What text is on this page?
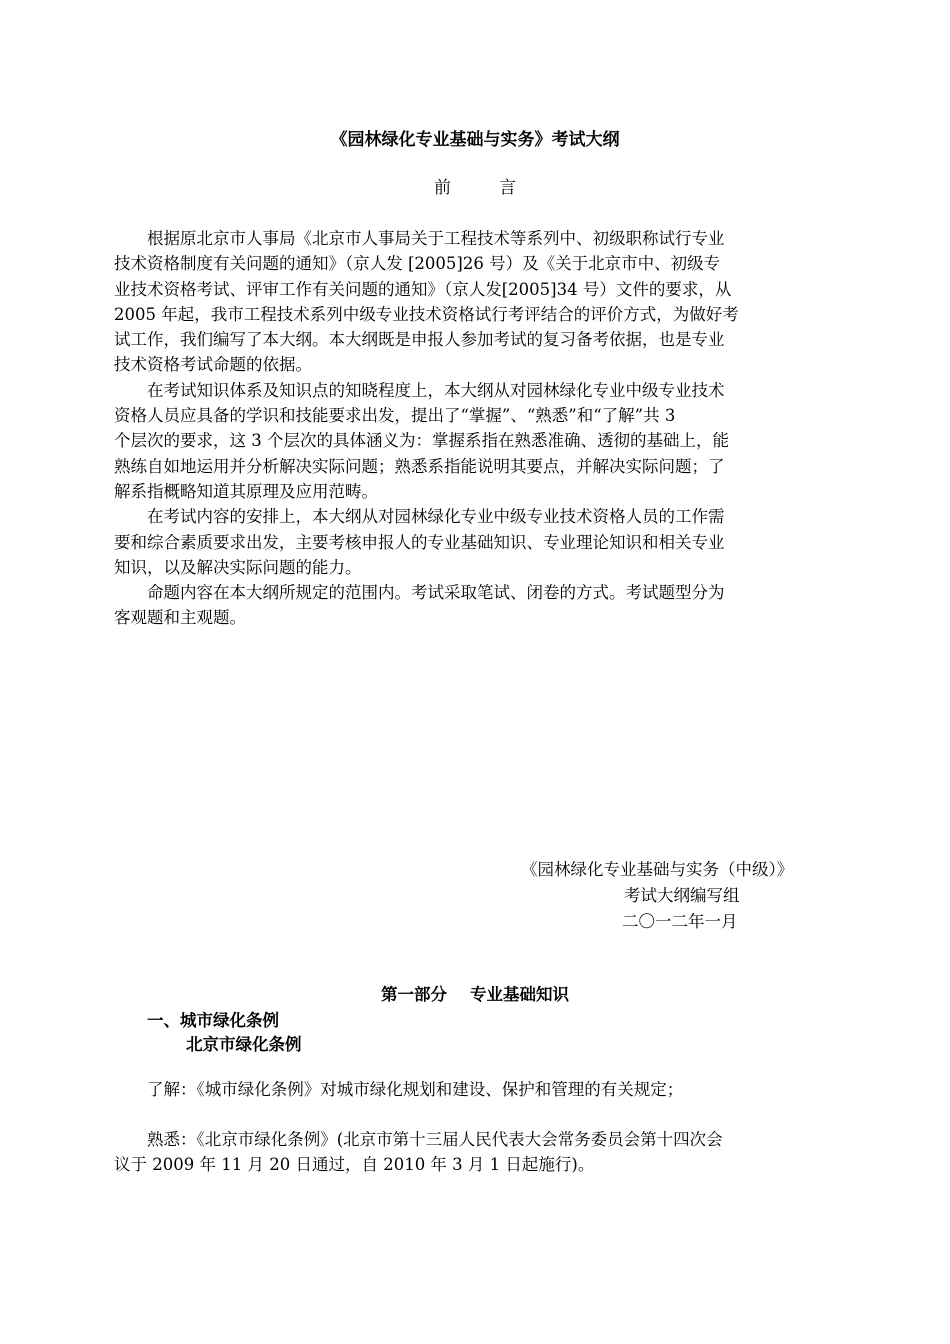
《园林绿化专业基础与实务》考试大纲
前	言

根据原北京市人事局《北京市人事局关于工程技术等系列中、初级职称试行专业
技术资格制度有关问题的通知》（京人发 [2005]26 号）及《关于北京市中、初级专
业技术资格考试、评审工作有关问题的通知》（京人发[2005]34 号）文件的要求，从
2005 年起，我市工程技术系列中级专业技术资格试行考评结合的评价方式，为做好考
试工作，我们编写了本大纲。本大纲既是申报人参加考试的复习备考依据，也是专业
技术资格考试命题的依据。

在考试知识体系及知识点的知晓程度上，本大纲从对园林绿化专业中级专业技术
资格人员应具备的学识和技能要求出发，提出了“掌握”、“熟悉”和“了解”共 3
个层次的要求，这 3 个层次的具体涵义为：掌握系指在熟悉准确、透彻的基础上，能
熟练自如地运用并分析解决实际问题；熟悉系指能说明其要点，并解决实际问题；了
解系指概略知道其原理及应用范畴。

在考试内容的安排上，本大纲从对园林绿化专业中级专业技术资格人员的工作需
要和综合素质要求出发，主要考核申报人的专业基础知识、专业理论知识和相关专业
知识，以及解决实际问题的能力。

命题内容在本大纲所规定的范围内。考试采取笔试、闭卷的方式。考试题型分为
客观题和主观题。

《园林绿化专业基础与实务（中级）》
考试大纲编写组
二〇一二年一月
第一部分    专业基础知识
一、城市绿化条例
北京市绿化条例
了解：《城市绿化条例》对城市绿化规划和建设、保护和管理的有关规定；
熟悉：《北京市绿化条例》(北京市第十三届人民代表大会常务委员会第十四次会
议于 2009 年 11 月 20 日通过，自 2010 年 3 月 1 日起施行)。
